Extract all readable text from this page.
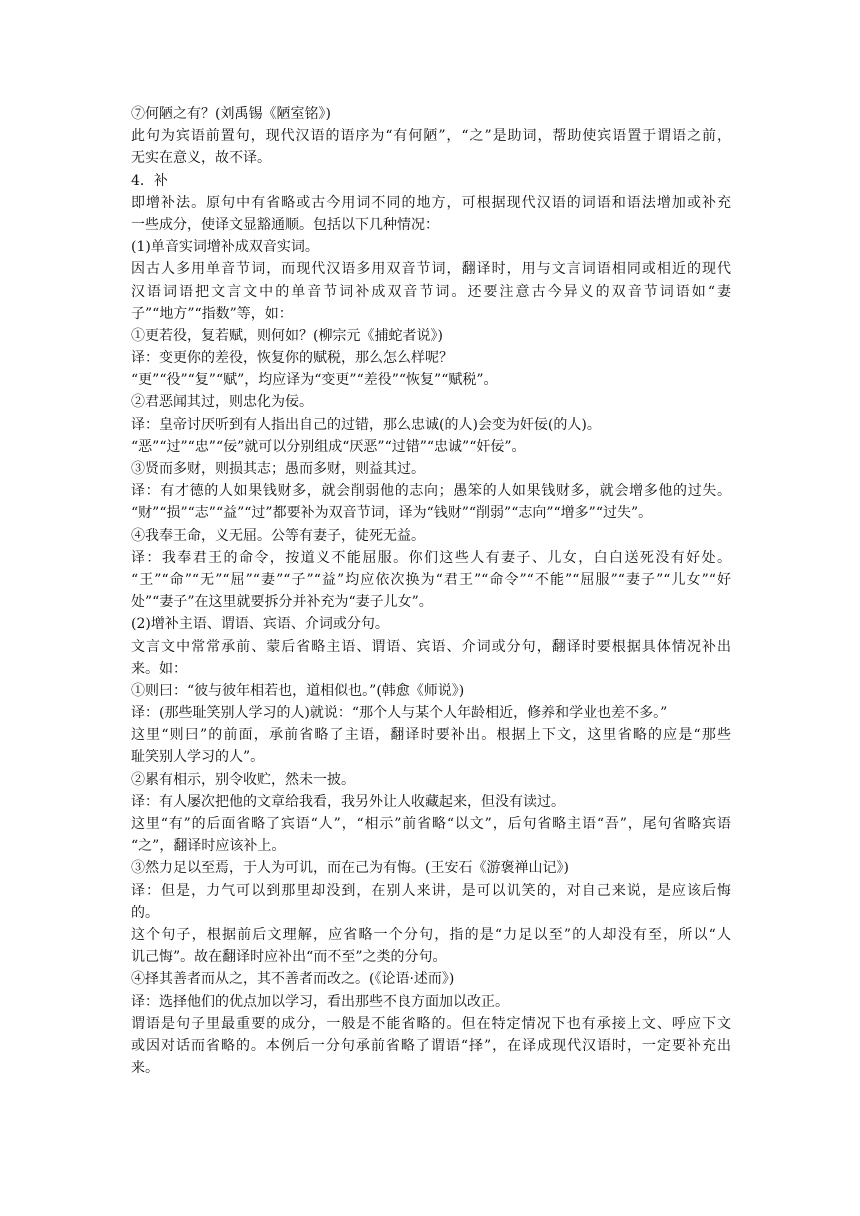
⑦何陋之有？(刘禹锡《陋室铭》)
此句为宾语前置句，现代汉语的语序为“有何陋”，“之”是助词，帮助使宾语置于谓语之前，
无实在意义，故不译。
4．补
即增补法。原句中有省略或古今用词不同的地方，可根据现代汉语的词语和语法增加或补充
一些成分，使译文显豁通顺。包括以下几种情况：
(1)单音实词增补成双音实词。
因古人多用单音节词，而现代汉语多用双音节词，翻译时，用与文言词语相同或相近的现代
汉语词语把文言文中的单音节词补成双音节词。还要注意古今异义的双音节词语如“妻
子”“地方”“指数”等，如：
①更若役，复若赋，则何如？(柳宗元《捕蛇者说》)
译：变更你的差役，恢复你的赋税，那么怎么样呢？
“更”“役”“复”“赋”，均应译为“变更”“差役”“恢复”“赋税”。
②君恶闻其过，则忠化为佞。
译：皇帝讨厌听到有人指出自己的过错，那么忠诚(的人)会变为奸佞(的人)。
“恶”“过”“忠”“佞”就可以分别组成“厌恶”“过错”“忠诚”“奸佞”。
③贤而多财，则损其志；愚而多财，则益其过。
译：有才德的人如果钱财多，就会削弱他的志向；愚笨的人如果钱财多，就会增多他的过失。
“财”“损”“志”“益”“过”都要补为双音节词，译为“钱财”“削弱”“志向”“增多”“过失”。
④我奉王命，义无屈。公等有妻子，徒死无益。
译：我奉君王的命令，按道义不能屈服。你们这些人有妻子、儿女，白白送死没有好处。
“王”“命”“无”“屈”“妻”“子”“益”均应依次换为“君王”“命令”“不能”“屈服”“妻子”“儿女”“好
处”“妻子”在这里就要拆分并补充为“妻子儿女”。
(2)增补主语、谓语、宾语、介词或分句。
文言文中常常承前、蒙后省略主语、谓语、宾语、介词或分句，翻译时要根据具体情况补出
来。如：
①则曰：“彼与彼年相若也，道相似也。”(韩愈《师说》)
译：(那些耻笑别人学习的人)就说：“那个人与某个人年龄相近，修养和学业也差不多。”
这里“则曰”的前面，承前省略了主语，翻译时要补出。根据上下文，这里省略的应是“那些
耻笑别人学习的人”。
②累有相示，别令收贮，然未一披。
译：有人屡次把他的文章给我看，我另外让人收藏起来，但没有读过。
这里“有”的后面省略了宾语“人”，“相示”前省略“以文”，后句省略主语“吾”，尾句省略宾语
“之”，翻译时应该补上。
③然力足以至焉，于人为可讥，而在己为有悔。(王安石《游褒禅山记》)
译：但是，力气可以到那里却没到，在别人来讲，是可以讥笑的，对自己来说，是应该后悔
的。
这个句子，根据前后文理解，应省略一个分句，指的是“力足以至”的人却没有至，所以“人
讥己悔”。故在翻译时应补出“而不至”之类的分句。
④择其善者而从之，其不善者而改之。(《论语·述而》)
译：选择他们的优点加以学习，看出那些不良方面加以改正。
谓语是句子里最重要的成分，一般是不能省略的。但在特定情况下也有承接上文、呼应下文
或因对话而省略的。本例后一分句承前省略了谓语“择”，在译成现代汉语时，一定要补充出
来。
